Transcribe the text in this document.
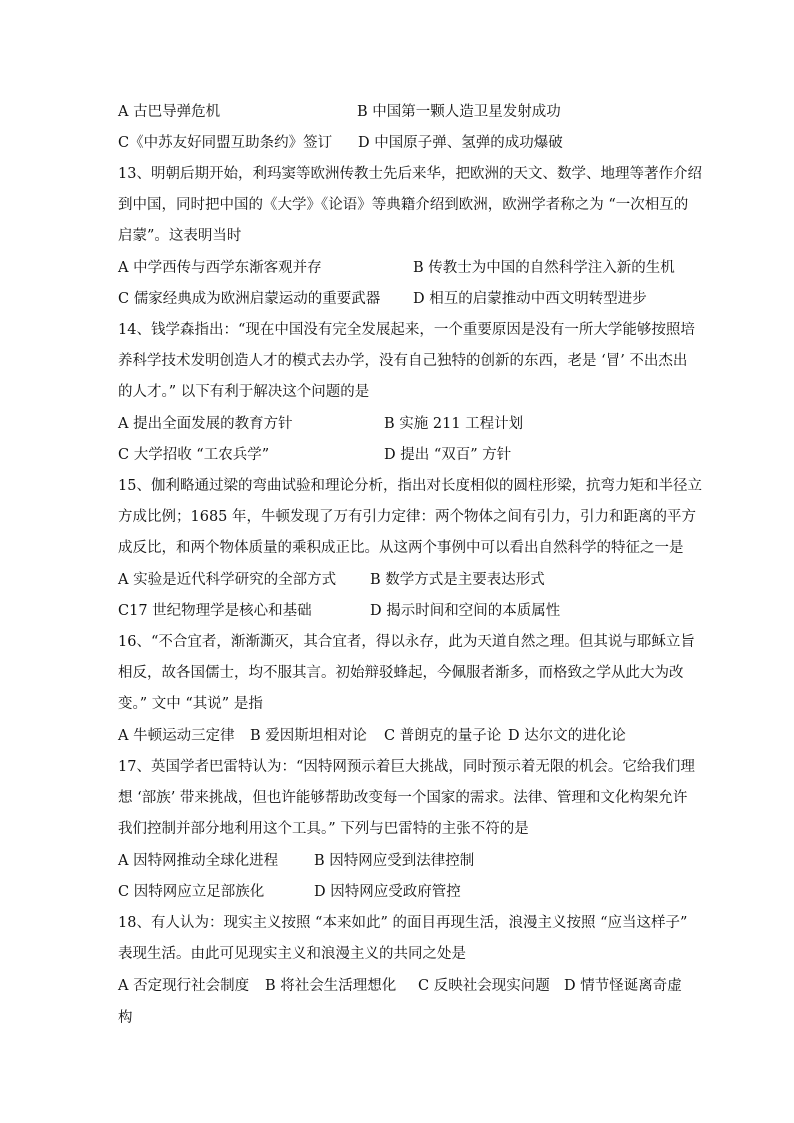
A 古巴导弹危机	B 中国第一颗人造卫星发射成功
C《中苏友好同盟互助条约》签订 D 中国原子弹、氢弹的成功爆破
13、明朝后期开始，利玛窦等欧洲传教士先后来华，把欧洲的天文、数学、地理等著作介绍
到中国，同时把中国的《大学》《论语》等典籍介绍到欧洲，欧洲学者称之为 “一次相互的
启蒙”。这表明当时
A 中学西传与西学东渐客观并存	B 传教士为中国的自然科学注入新的生机
C 儒家经典成为欧洲启蒙运动的重要武器 D 相互的启蒙推动中西文明转型进步
14、钱学森指出：“现在中国没有完全发展起来，一个重要原因是没有一所大学能够按照培
养科学技术发明创造人才的模式去办学，没有自己独特的创新的东西，老是 ‘冒’ 不出杰出
的人才。” 以下有利于解决这个问题的是
A 提出全面发展的教育方针	B 实施 211 工程计划
C 大学招收 “工农兵学”	D 提出 “双百” 方针
15、伽利略通过梁的弯曲试验和理论分析，指出对长度相似的圆柱形梁，抗弯力矩和半径立
方成比例；1685 年，牛顿发现了万有引力定律：两个物体之间有引力，引力和距离的平方
成反比，和两个物体质量的乘积成正比。从这两个事例中可以看出自然科学的特征之一是
A 实验是近代科学研究的全部方式 B 数学方式是主要表达形式
C17 世纪物理学是核心和基础	D 揭示时间和空间的本质属性
16、“不合宜者，渐渐澌灭，其合宜者，得以永存，此为天道自然之理。但其说与耶稣立旨
相反，故各国儒士，均不服其言。初始辩驳蜂起，今佩服者渐多，而格致之学从此大为改
变。” 文中 “其说” 是指
A 牛顿运动三定律 B 爱因斯坦相对论 C 普朗克的量子论 D 达尔文的进化论
17、英国学者巴雷特认为：“因特网预示着巨大挑战，同时预示着无限的机会。它给我们理
想 ‘部族’ 带来挑战，但也许能够帮助改变每一个国家的需求。法律、管理和文化构架允许
我们控制并部分地利用这个工具。” 下列与巴雷特的主张不符的是
A 因特网推动全球化进程 B 因特网应受到法律控制
C 因特网应立足部族化	D 因特网应受政府管控
18、有人认为：现实主义按照 “本来如此” 的面目再现生活，浪漫主义按照 “应当这样子”
表现生活。由此可见现实主义和浪漫主义的共同之处是
A 否定现行社会制度 B 将社会生活理想化 C 反映社会现实问题 D 情节怪诞离奇虚
构
